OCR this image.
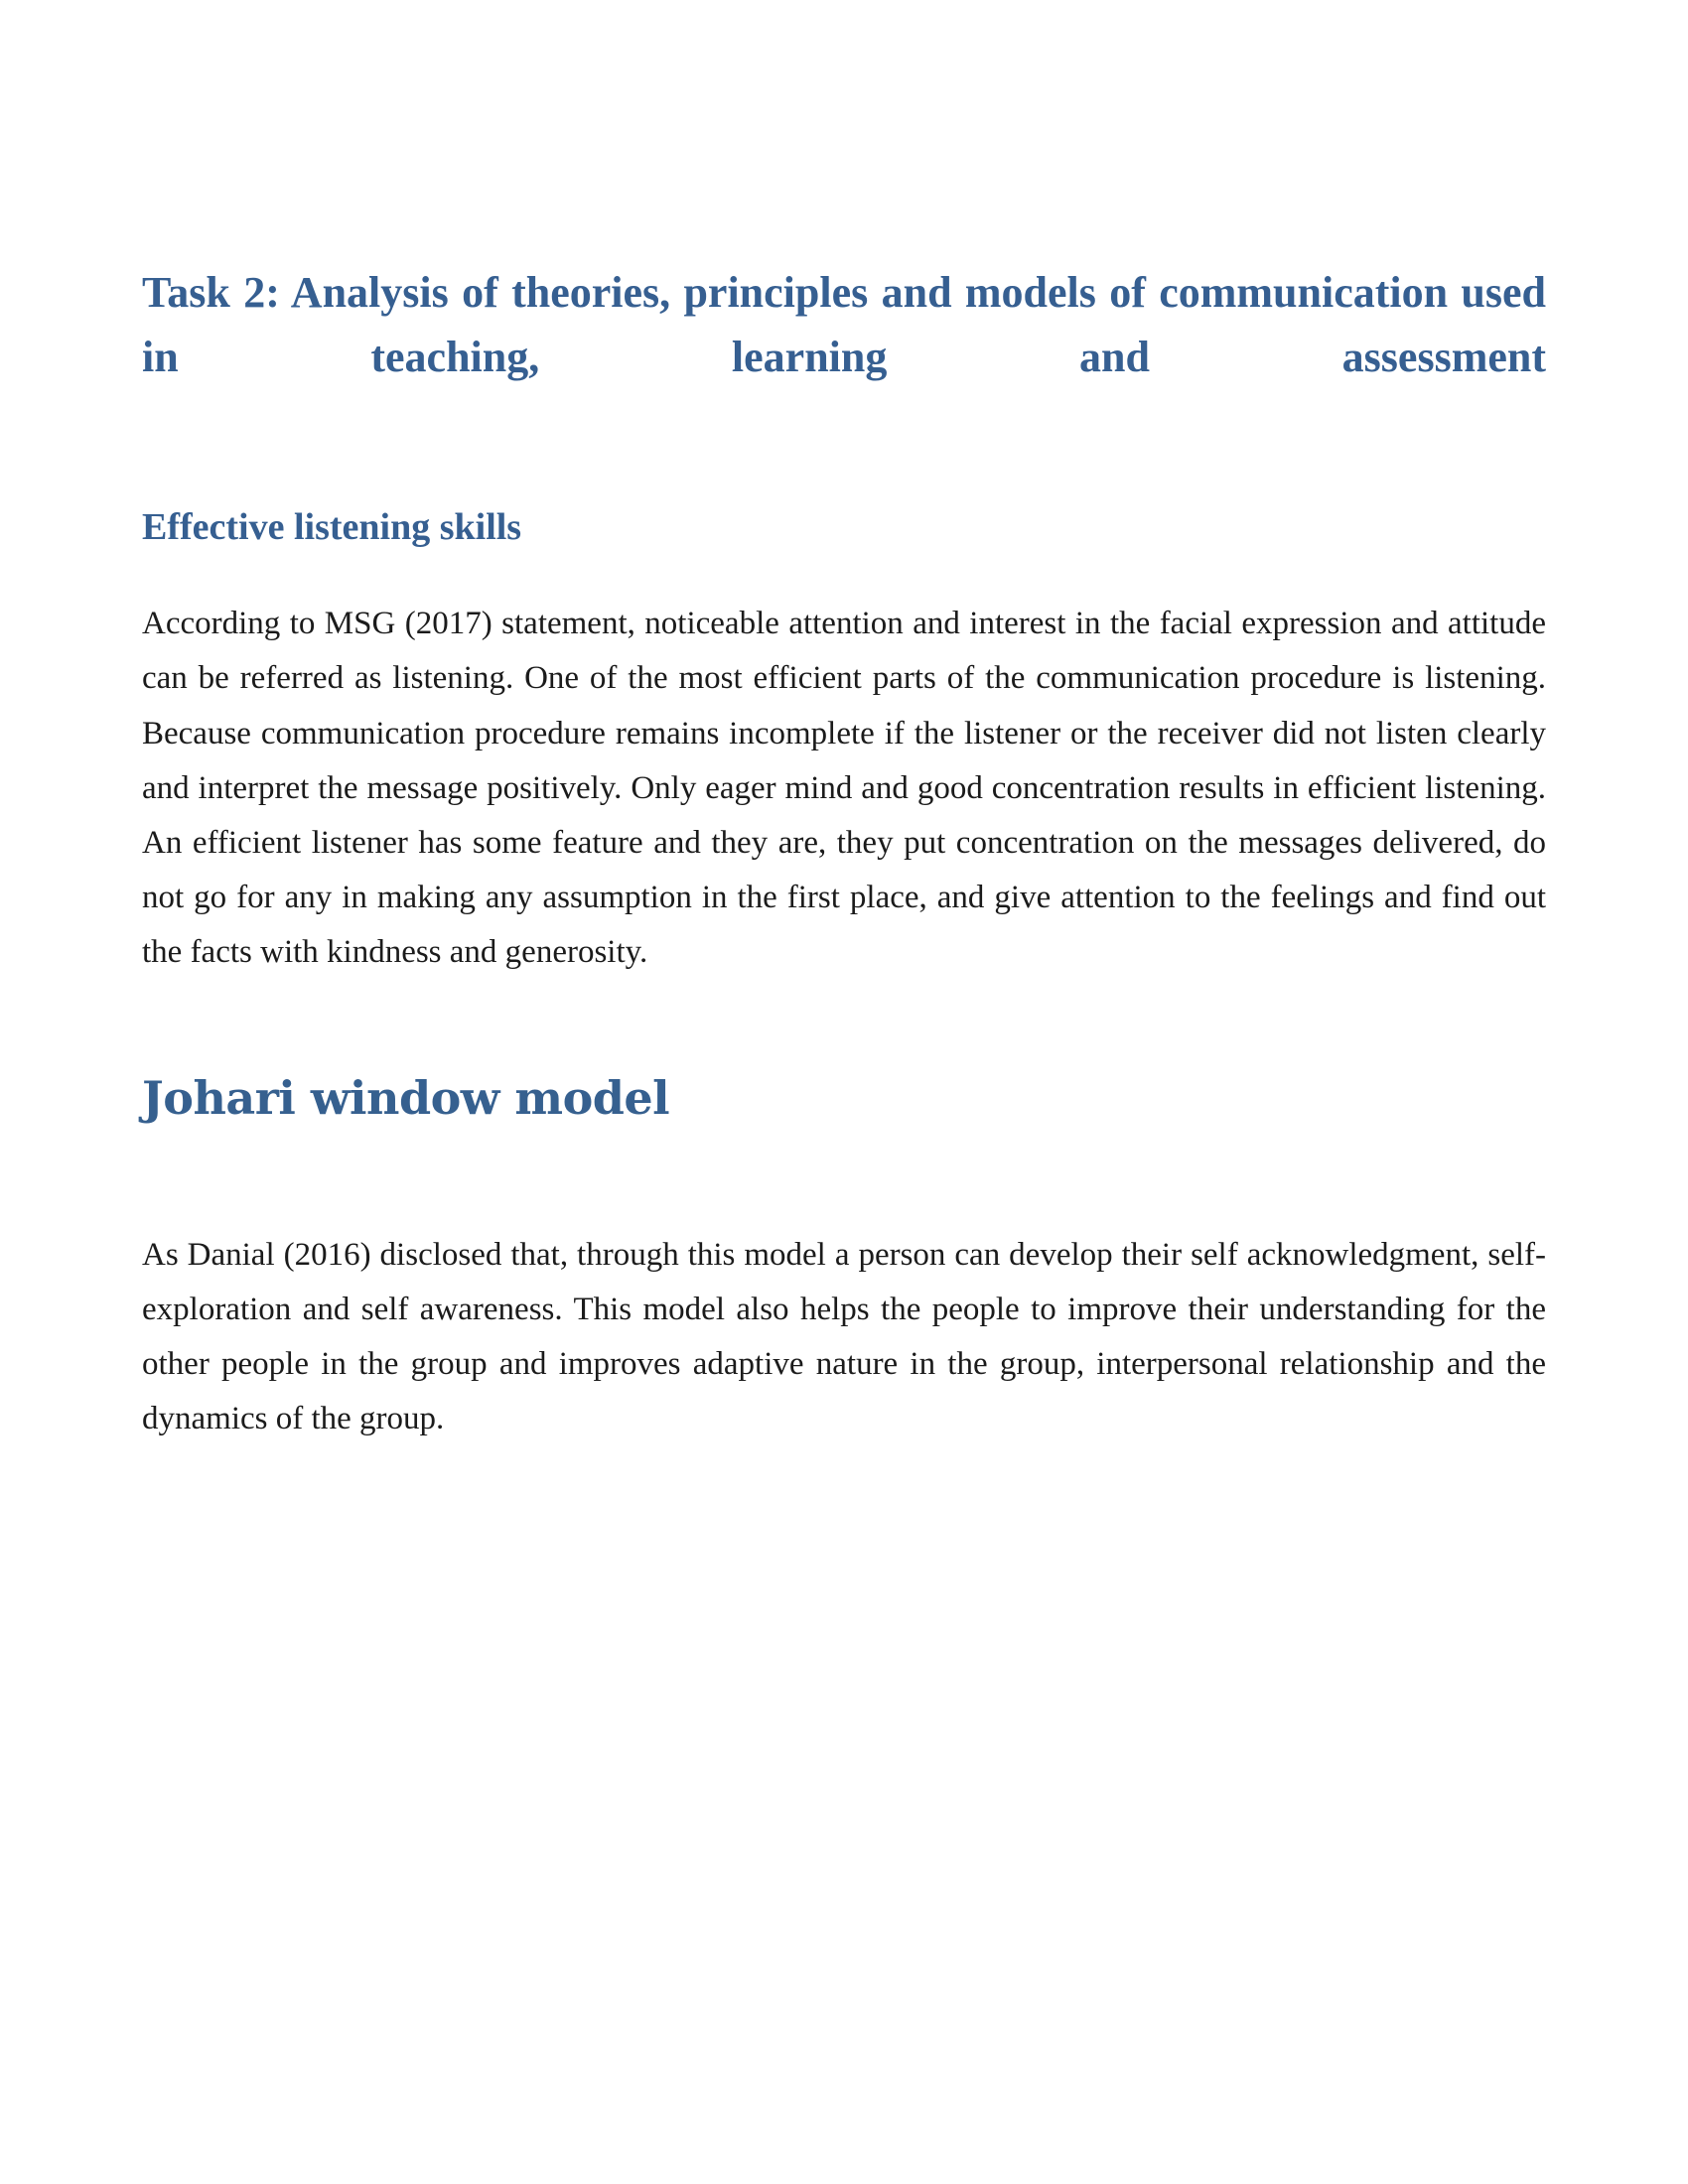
Task 2: Analysis of theories, principles and models of communication used in teaching, learning and assessment
Effective listening skills

According to MSG (2017) statement, noticeable attention and interest in the facial expression and attitude can be referred as listening. One of the most efficient parts of the communication procedure is listening. Because communication procedure remains incomplete if the listener or the receiver did not listen clearly and interpret the message positively. Only eager mind and good concentration results in efficient listening. An efficient listener has some feature and they are, they put concentration on the messages delivered, do not go for any in making any assumption in the first place, and give attention to the feelings and find out the facts with kindness and generosity.

Johari window model

As Danial (2016) disclosed that, through this model a person can develop their self acknowledgment, self-exploration and self awareness. This model also helps the people to improve their understanding for the other people in the group and improves adaptive nature in the group, interpersonal relationship and the dynamics of the group.
